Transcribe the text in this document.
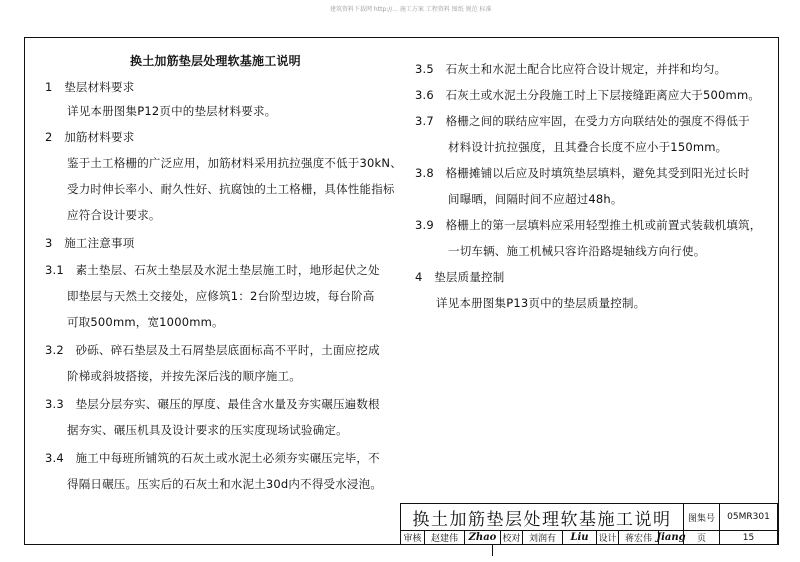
建筑资料下载网 http://... 施工方案 工程资料 图纸 规范 标准
换土加筋垫层处理软基施工说明
1　垫层材料要求
详见本册图集P12页中的垫层材料要求。
2　加筋材料要求
鉴于土工格栅的广泛应用，加筋材料采用抗拉强度不低于30kN、
受力时伸长率小、耐久性好、抗腐蚀的土工格栅，具体性能指标
应符合设计要求。
3　施工注意事项
3.1　素土垫层、石灰土垫层及水泥土垫层施工时，地形起伏之处
即垫层与天然土交接处，应修筑1：2台阶型边坡，每台阶高
可取500mm，宽1000mm。
3.2　砂砾、碎石垫层及土石屑垫层底面标高不平时，土面应挖成
阶梯或斜坡搭接，并按先深后浅的顺序施工。
3.3　垫层分层夯实、碾压的厚度、最佳含水量及夯实碾压遍数根
据夯实、碾压机具及设计要求的压实度现场试验确定。
3.4　施工中每班所铺筑的石灰土或水泥土必须夯实碾压完毕，不
得隔日碾压。压实后的石灰土和水泥土30d内不得受水浸泡。
3.5　石灰土和水泥土配合比应符合设计规定，并拌和均匀。
3.6　石灰土或水泥土分段施工时上下层接缝距离应大于500mm。
3.7　格栅之间的联结应牢固，在受力方向联结处的强度不得低于
材料设计抗拉强度，且其叠合长度不应小于150mm。
3.8　格栅摊铺以后应及时填筑垫层填料，避免其受到阳光过长时
间曝晒，间隔时间不应超过48h。
3.9　格栅上的第一层填料应采用轻型推土机或前置式装载机填筑，
一切车辆、施工机械只容许沿路堤轴线方向行使。
4　垫层质量控制
详见本册图集P13页中的垫层质量控制。
换土加筋垫层处理软基施工说明	图集号	05MR301
审核	赵建伟	Zhao 校对 刘润有	Liu	设计 蒋宏伟 Jiang	页	15
